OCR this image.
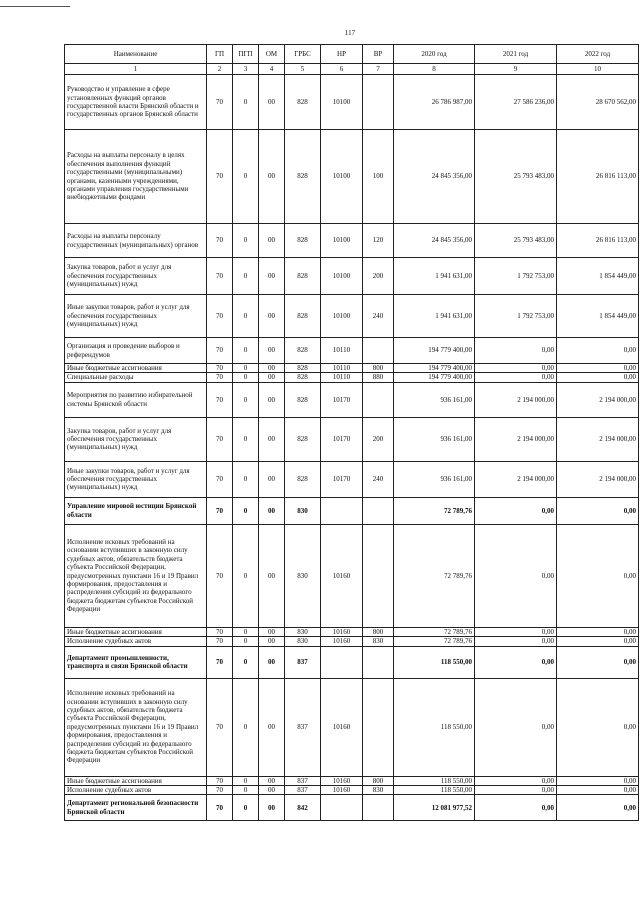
117
Наименование	ГП	ПГП	ОМ	ГРБС	НР	ВР	2020 год	2021 год	2022 год
1	2	3	4	5	6	7	8	9	10
Руководство и управление в сфере установленных функций органов государственной власти Брянской области и государственных органов Брянской области	70	0	00	828	10100		26 786 987,00	27 586 236,00	28 670 562,00
Расходы на выплаты персоналу в целях обеспечения выполнения функций государственными (муниципальными) органами, казенными учреждениями, органами управления государственными внебюджетными фондами	70	0	00	828	10100	100	24 845 356,00	25 793 483,00	26 816 113,00
Расходы на выплаты персоналу государственных (муниципальных) органов	70	0	00	828	10100	120	24 845 356,00	25 793 483,00	26 816 113,00
Закупка товаров, работ и услуг для обеспечения государственных (муниципальных) нужд	70	0	00	828	10100	200	1 941 631,00	1 792 753,00	1 854 449,00
Иные закупки товаров, работ и услуг для обеспечения государственных (муниципальных) нужд	70	0	00	828	10100	240	1 941 631,00	1 792 753,00	1 854 449,00
Организация и проведение выборов и референдумов	70	0	00	828	10110		194 779 400,00	0,00	0,00
Иные бюджетные ассигнования	70	0	00	828	10110	800	194 779 400,00	0,00	0,00
Специальные расходы	70	0	00	828	10110	880	194 779 400,00	0,00	0,00
Мероприятия по развитию избирательной системы Брянской области	70	0	00	828	10170		936 161,00	2 194 000,00	2 194 000,00
Закупка товаров, работ и услуг для обеспечения государственных (муниципальных) нужд	70	0	00	828	10170	200	936 161,00	2 194 000,00	2 194 000,00
Иные закупки товаров, работ и услуг для обеспечения государственных (муниципальных) нужд	70	0	00	828	10170	240	936 161,00	2 194 000,00	2 194 000,00
Управление мировой юстиции Брянской области	70	0	00	830			72 789,76	0,00	0,00
Исполнение исковых требований на основании вступивших в законную силу судебных актов, обязательств бюджета субъекта Российской Федерации, предусмотренных пунктами 16 и 19 Правил формирования, предоставления и распределения субсидий из федерального бюджета бюджетам субъектов Российской Федерации	70	0	00	830	10160		72 789,76	0,00	0,00
Иные бюджетные ассигнования	70	0	00	830	10160	800	72 789,76	0,00	0,00
Исполнение судебных актов	70	0	00	830	10160	830	72 789,76	0,00	0,00
Департамент промышленности, транспорта и связи Брянской области	70	0	00	837			118 550,00	0,00	0,00
Исполнение исковых требований на основании вступивших в законную силу судебных актов, обязательств бюджета субъекта Российской Федерации, предусмотренных пунктами 16 и 19 Правил формирования, предоставления и распределения субсидий из федерального бюджета бюджетам субъектов Российской Федерации	70	0	00	837	10160		118 550,00	0,00	0,00
Иные бюджетные ассигнования	70	0	00	837	10160	800	118 550,00	0,00	0,00
Исполнение судебных актов	70	0	00	837	10160	830	118 550,00	0,00	0,00
Департамент региональной безопасности Брянской области	70	0	00	842			12 081 977,52	0,00	0,00
